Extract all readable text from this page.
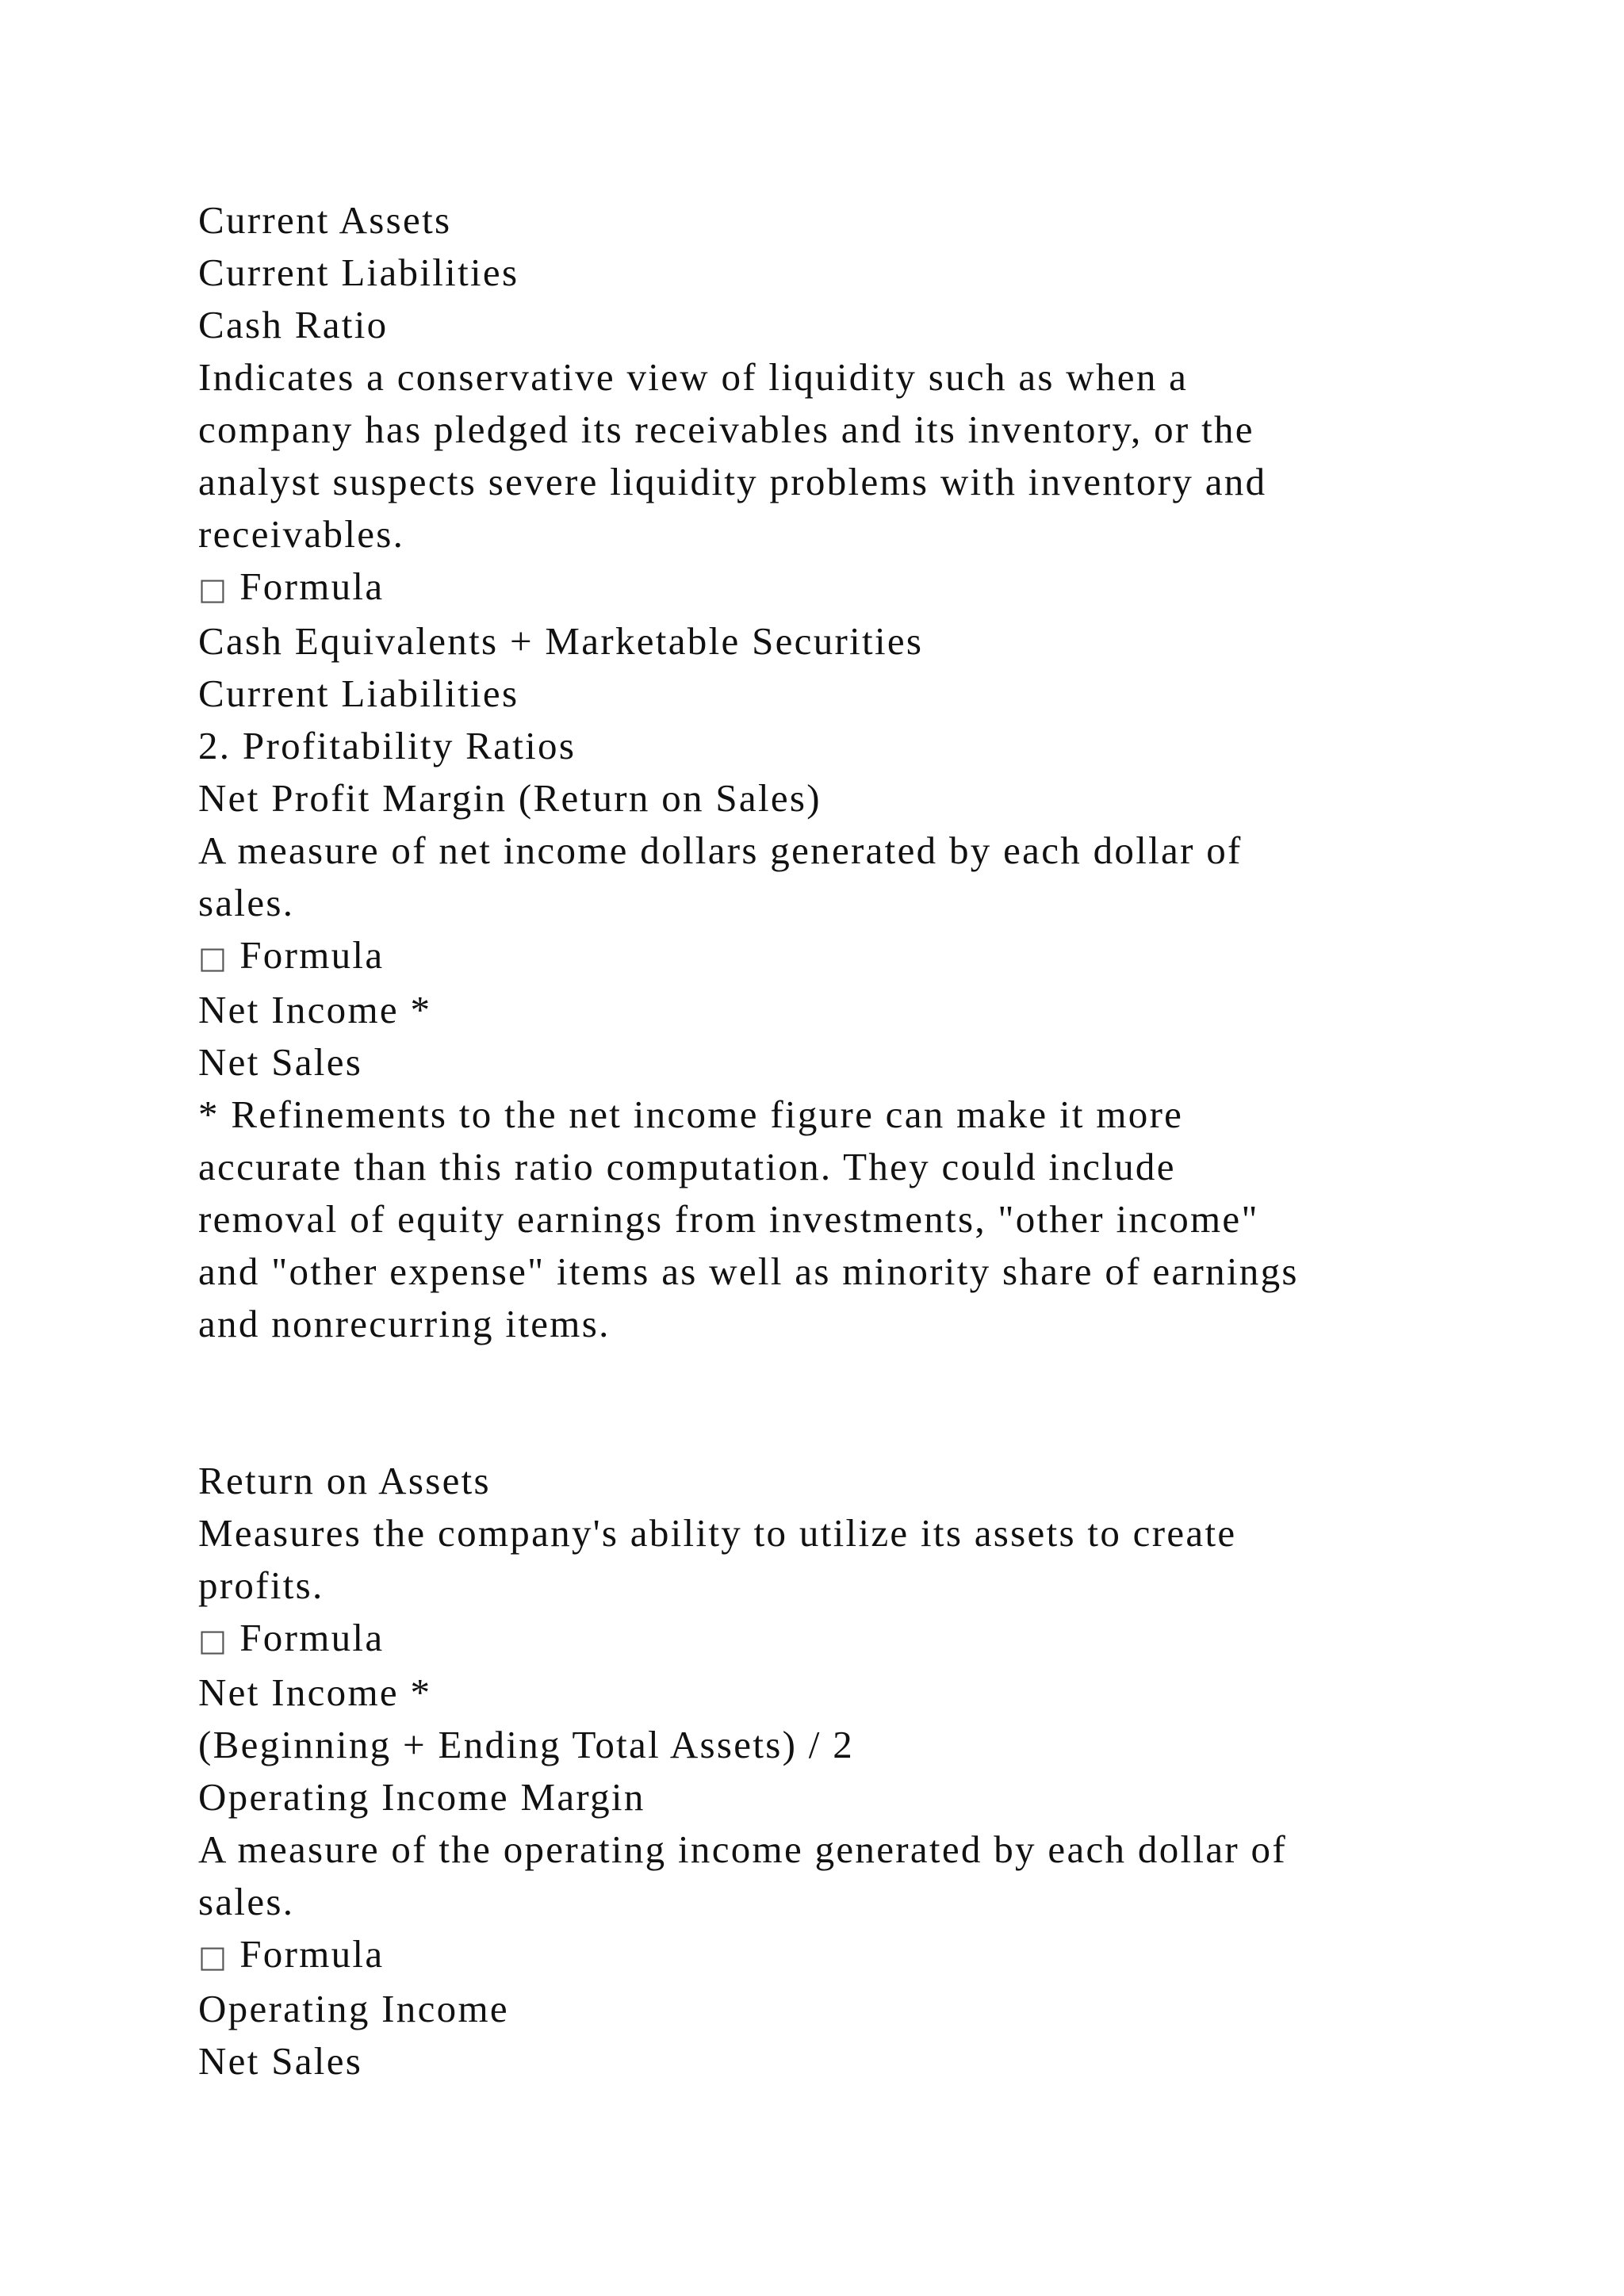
Current Assets
Current Liabilities
Cash Ratio
Indicates a conservative view of liquidity such as when a
company has pledged its receivables and its inventory, or the
analyst suspects severe liquidity problems with inventory and
receivables.
□ Formula
Cash Equivalents + Marketable Securities
Current Liabilities
2. Profitability Ratios
Net Profit Margin (Return on Sales)
A measure of net income dollars generated by each dollar of
sales.
□ Formula
Net Income *
Net Sales
* Refinements to the net income figure can make it more
accurate than this ratio computation. They could include
removal of equity earnings from investments, "other income"
and "other expense" items as well as minority share of earnings
and nonrecurring items.
Return on Assets
Measures the company's ability to utilize its assets to create
profits.
□ Formula
Net Income *
(Beginning + Ending Total Assets) / 2
Operating Income Margin
A measure of the operating income generated by each dollar of
sales.
□ Formula
Operating Income
Net Sales
